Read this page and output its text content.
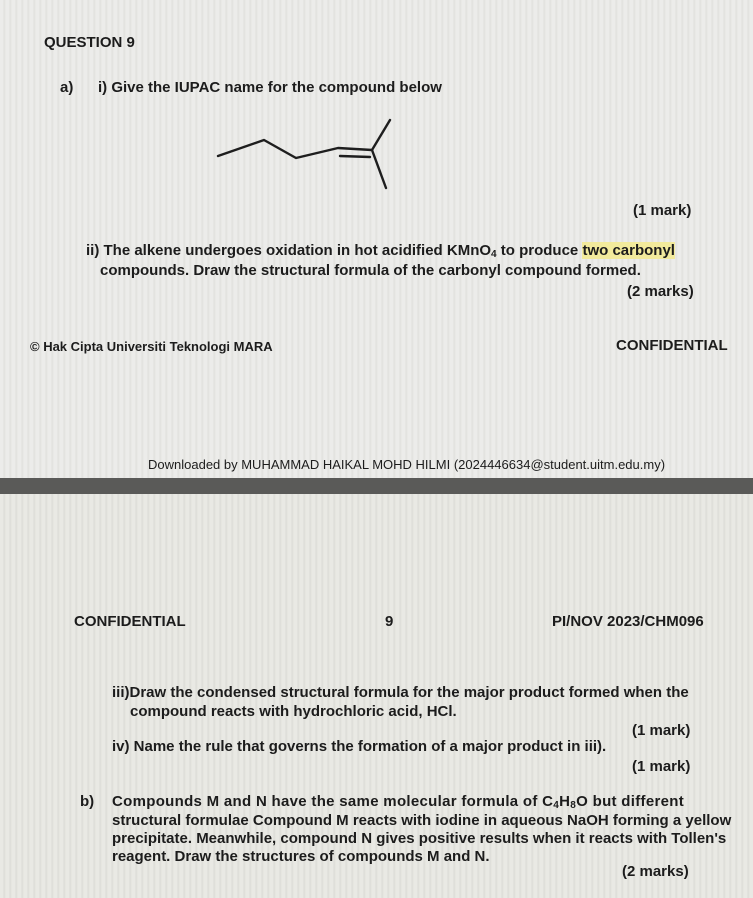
QUESTION 9
a) i) Give the IUPAC name for the compound below
(1 mark)
ii) The alkene undergoes oxidation in hot acidified KMnO$_4$ to produce two carbonyl
compounds. Draw the structural formula of the carbonyl compound formed.
(2 marks)
© Hak Cipta Universiti Teknologi MARA	CONFIDENTIAL
Downloaded by MUHAMMAD HAIKAL MOHD HILMI (2024446634@student.uitm.edu.my)
CONFIDENTIAL	9	PI/NOV 2023/CHM096
iii)Draw the condensed structural formula for the major product formed when the
compound reacts with hydrochloric acid, HCl.
(1 mark)
iv) Name the rule that governs the formation of a major product in iii).
(1 mark)
b) Compounds M and N have the same molecular formula of $C_4H_8O$ but different
structural formulae Compound M reacts with iodine in aqueous NaOH forming a yellow
precipitate. Meanwhile, compound N gives positive results when it reacts with Tollen's
reagent. Draw the structures of compounds M and N.
(2 marks)
